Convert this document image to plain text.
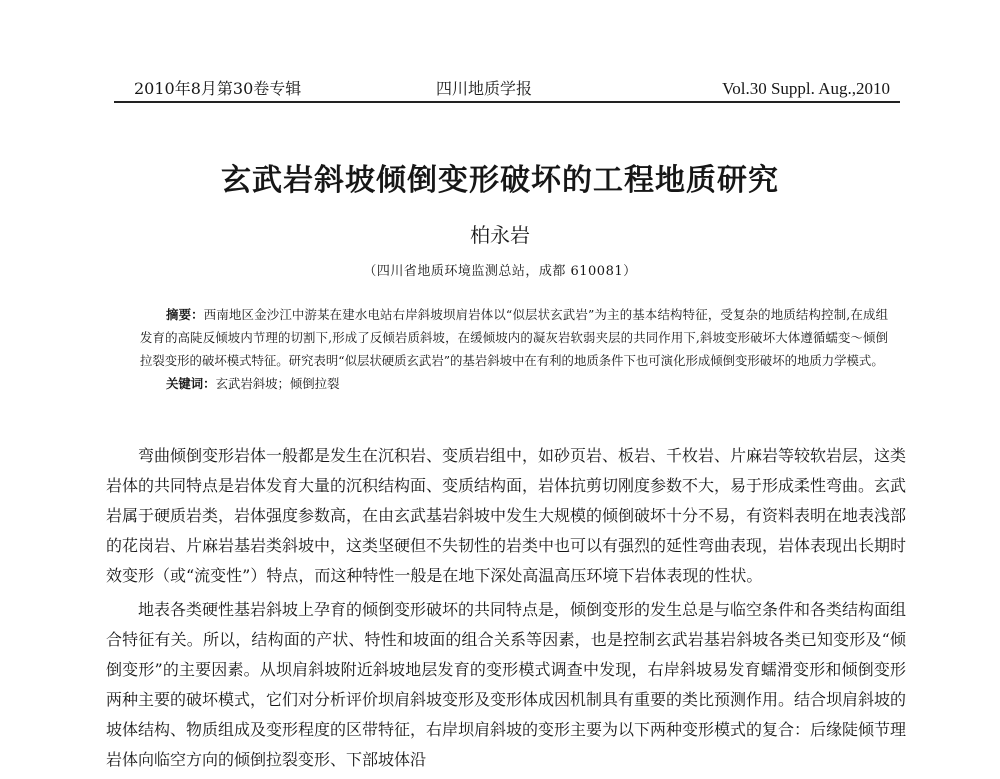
2010年8月第30卷专辑	四川地质学报	Vol.30 Suppl. Aug.,2010
玄武岩斜坡倾倒变形破坏的工程地质研究
柏永岩
（四川省地质环境监测总站，成都 610081）

摘要：西南地区金沙江中游某在建水电站右岸斜坡坝肩岩体以“似层状玄武岩”为主的基本结构特征，受复杂的地质结构控制,在成组发育的高陡反倾坡内节理的切割下,形成了反倾岩质斜坡，在缓倾坡内的凝灰岩软弱夹层的共同作用下,斜坡变形破坏大体遵循蠕变～倾倒拉裂变形的破坏模式特征。研究表明“似层状硬质玄武岩”的基岩斜坡中在有利的地质条件下也可演化形成倾倒变形破坏的地质力学模式。

关键词：玄武岩斜坡；倾倒拉裂

弯曲倾倒变形岩体一般都是发生在沉积岩、变质岩组中，如砂页岩、板岩、千枚岩、片麻岩等较软岩层，这类岩体的共同特点是岩体发育大量的沉积结构面、变质结构面，岩体抗剪切刚度参数不大，易于形成柔性弯曲。玄武岩属于硬质岩类，岩体强度参数高，在由玄武基岩斜坡中发生大规模的倾倒破坏十分不易，有资料表明在地表浅部的花岗岩、片麻岩基岩类斜坡中，这类坚硬但不失韧性的岩类中也可以有强烈的延性弯曲表现，岩体表现出长期时效变形（或“流变性”）特点，而这种特性一般是在地下深处高温高压环境下岩体表现的性状。

地表各类硬性基岩斜坡上孕育的倾倒变形破坏的共同特点是，倾倒变形的发生总是与临空条件和各类结构面组合特征有关。所以，结构面的产状、特性和坡面的组合关系等因素，也是控制玄武岩基岩斜坡各类已知变形及“倾倒变形”的主要因素。从坝肩斜坡附近斜坡地层发育的变形模式调查中发现，右岸斜坡易发育蠕滑变形和倾倒变形两种主要的破坏模式，它们对分析评价坝肩斜坡变形及变形体成因机制具有重要的类比预测作用。结合坝肩斜坡的坡体结构、物质组成及变形程度的区带特征，右岸坝肩斜坡的变形主要为以下两种变形模式的复合：后缘陡倾节理岩体向临空方向的倾倒拉裂变形、下部坡体沿
